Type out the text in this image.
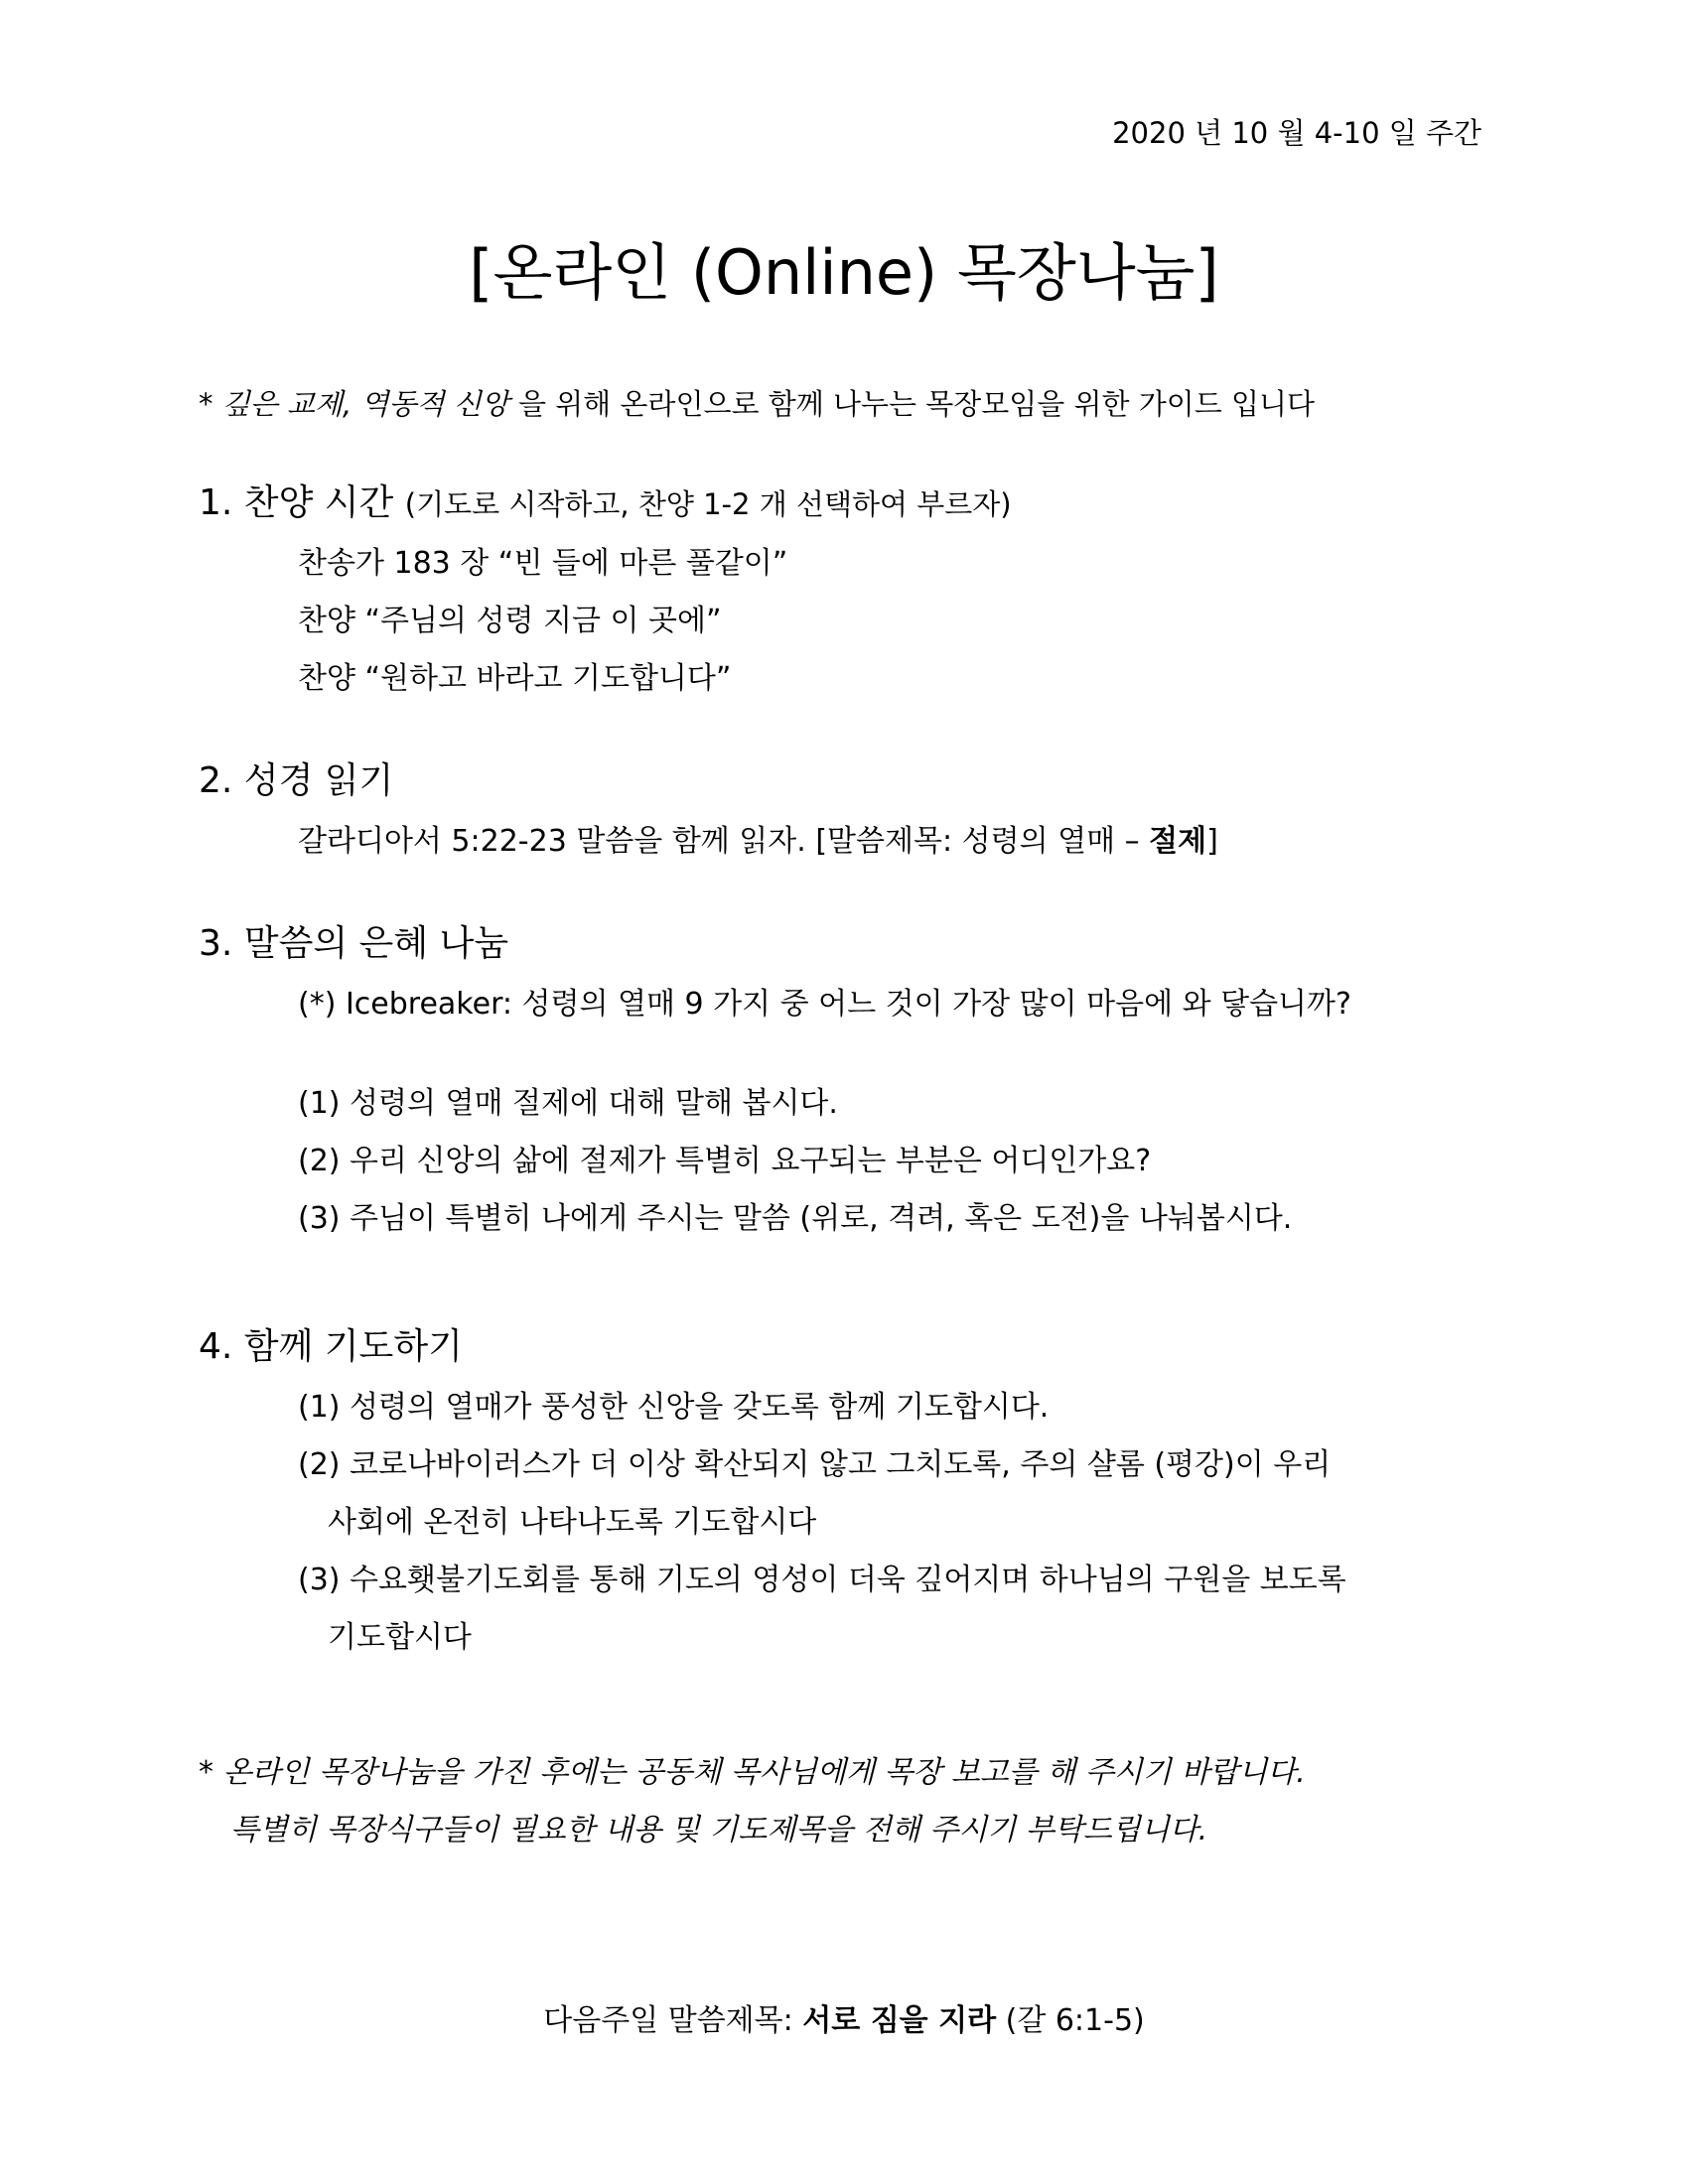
2020 년 10 월 4-10 일 주간
[온라인 (Online) 목장나눔]
* 깊은 교제, 역동적 신앙 을 위해 온라인으로 함께 나누는 목장모임을 위한 가이드 입니다
1. 찬양 시간 (기도로 시작하고, 찬양 1-2 개 선택하여 부르자)
찬송가 183 장 “빈 들에 마른 풀같이”
찬양 “주님의 성령 지금 이 곳에”
찬양 “원하고 바라고 기도합니다”
2. 성경 읽기
갈라디아서 5:22-23 말씀을 함께 읽자. [말씀제목: 성령의 열매 – 절제]
3. 말씀의 은혜 나눔
(*) Icebreaker: 성령의 열매 9 가지 중 어느 것이 가장 많이 마음에 와 닿습니까?
(1) 성령의 열매 절제에 대해 말해 봅시다.
(2) 우리 신앙의 삶에 절제가 특별히 요구되는 부분은 어디인가요?
(3) 주님이 특별히 나에게 주시는 말씀 (위로, 격려, 혹은 도전)을 나눠봅시다.
4. 함께 기도하기
(1) 성령의 열매가 풍성한 신앙을 갖도록 함께 기도합시다.
(2) 코로나바이러스가 더 이상 확산되지 않고 그치도록, 주의 샬롬 (평강)이 우리
사회에 온전히 나타나도록 기도합시다
(3) 수요횃불기도회를 통해 기도의 영성이 더욱 깊어지며 하나님의 구원을 보도록
기도합시다
* 온라인 목장나눔을 가진 후에는 공동체 목사님에게 목장 보고를 해 주시기 바랍니다.
특별히 목장식구들이 필요한 내용 및 기도제목을 전해 주시기 부탁드립니다.
다음주일 말씀제목: 서로 짐을 지라 (갈 6:1-5)
